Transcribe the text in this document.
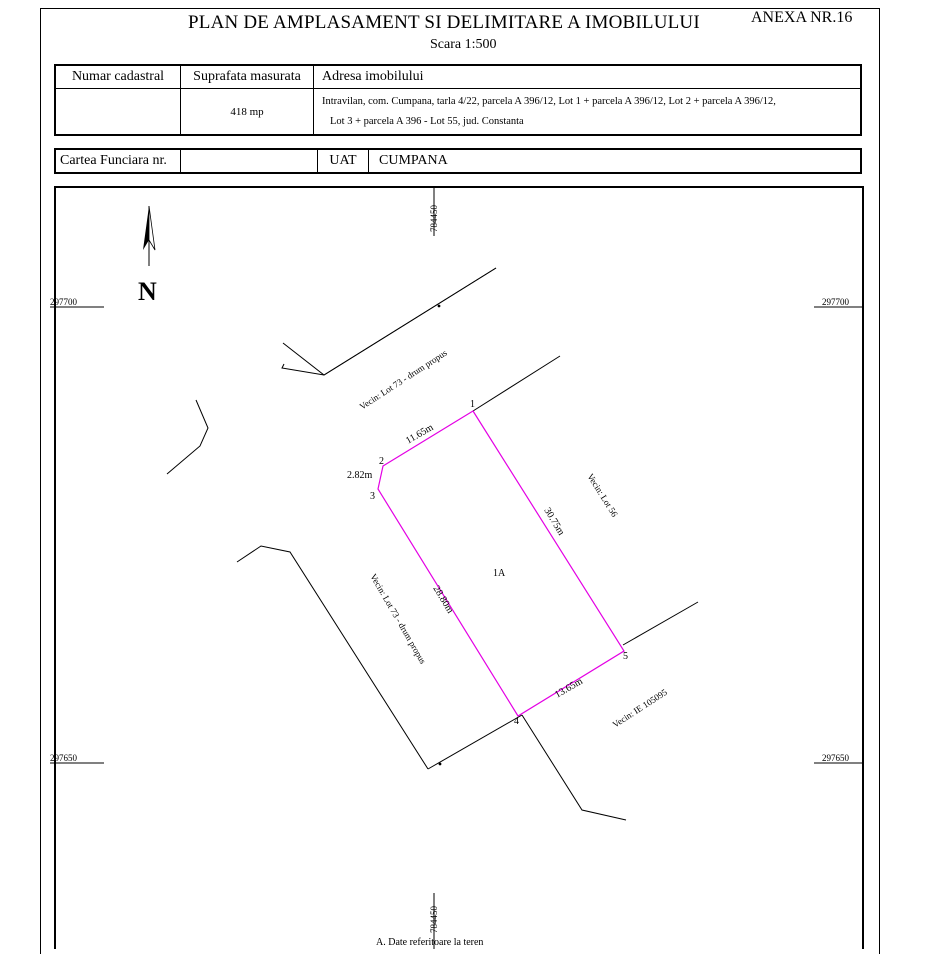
PLAN DE AMPLASAMENT SI DELIMITARE A IMOBILULUI
Scara 1:500
ANEXA NR.16
Numar cadastral	Suprafata masurata	Adresa imobilului
	418 mp	Intravilan, com. Cumpana, tarla 4/22, parcela A 396/12, Lot 1 + parcela A 396/12, Lot 2 + parcela A 396/12,
Lot 3 + parcela A 396 - Lot 55, jud. Constanta
Cartea Funciara nr.		UAT	CUMPANA
784450
784450
297700	297700
297650	297650
N
1
2
3
4
5
11.65m
2.82m
28.80m
13.65m
30.75m
Vecin: Lot 73 - drum propus
Vecin: Lot 73 - drum propus
Vecin: Lot 56
Vecin: IE 105095
1A
A. Date referitoare la teren
